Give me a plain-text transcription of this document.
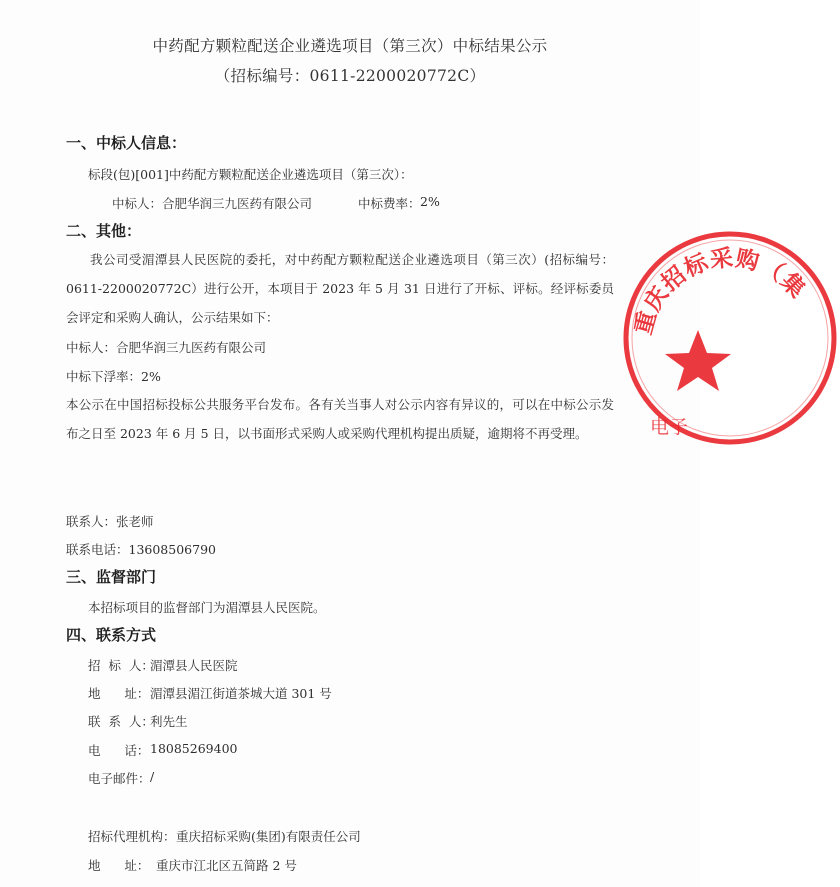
中药配方颗粒配送企业遴选项目（第三次）中标结果公示
（招标编号：0611-2200020772C）
一、中标人信息：
标段(包)[001]中药配方颗粒配送企业遴选项目（第三次）：
中标人： 合肥华润三九医药有限公司	中标费率： 2%
二、其他：
我公司受湄潭县人民医院的委托，对中药配方颗粒配送企业遴选项目（第三次）(招标编号：0611-2200020772C）进行公开，本项目于 2023 年 5 月 31 日进行了开标、评标。经评标委员会评定和采购人确认，公示结果如下：
中标人：合肥华润三九医药有限公司
中标下浮率：2%
本公示在中国招标投标公共服务平台发布。各有关当事人对公示内容有异议的，可以在中标公示发布之日至 2023 年 6 月 5 日，以书面形式采购人或采购代理机构提出质疑，逾期将不再受理。
联系人：张老师
联系电话：13608506790
三、监督部门
本招标项目的监督部门为湄潭县人民医院。
四、联系方式
招  标  人：
湄潭县人民医院
地      址： 湄潭县湄江街道茶城大道 301 号
联  系  人：
利先生
电      话： 18085269400
电子邮件： /
招标代理机构： 重庆招标采购(集团)有限责任公司
地      址： 重庆市江北区五简路 2 号
重庆招标采购（集
电子
